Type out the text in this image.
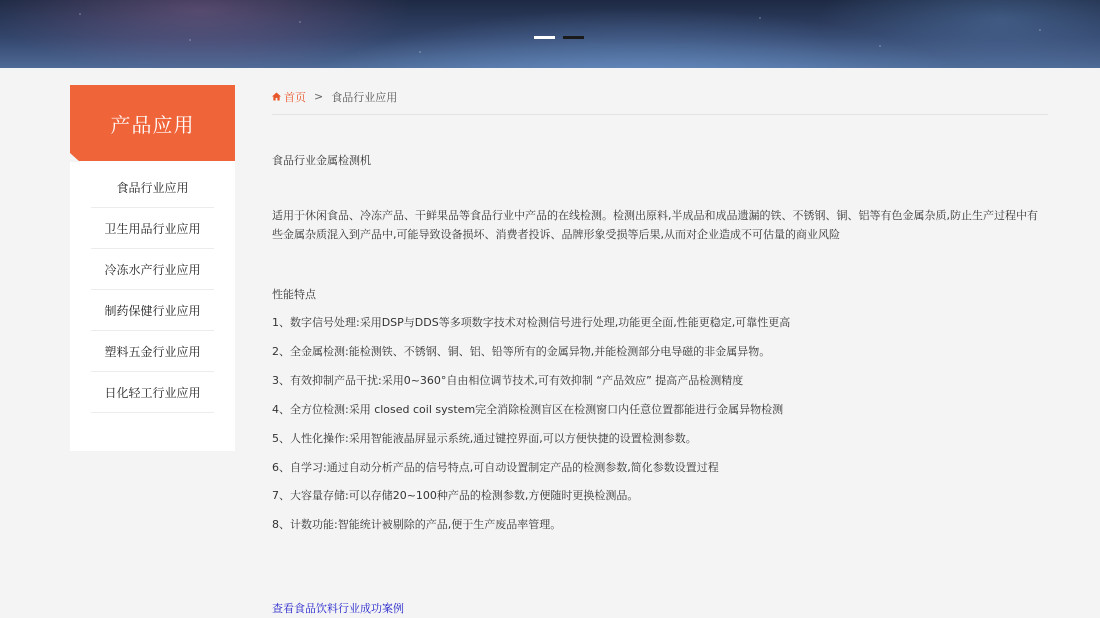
产品应用
食品行业应用
卫生用品行业应用
冷冻水产行业应用
制药保健行业应用
塑料五金行业应用
日化轻工行业应用
首页 > 食品行业应用

食品行业金属检测机

适用于休闲食品、冷冻产品、干鲜果品等食品行业中产品的在线检测。检测出原料,半成品和成品遗漏的铁、不锈钢、铜、铝等有色金属杂质,防止生产过程中有些金属杂质混入到产品中,可能导致设备损坏、消费者投诉、品牌形象受损等后果,从而对企业造成不可估量的商业风险

性能特点

1、数字信号处理:采用DSP与DDS等多项数字技术对检测信号进行处理,功能更全面,性能更稳定,可靠性更高

2、全金属检测:能检测铁、不锈钢、铜、铝、铅等所有的金属异物,并能检测部分电导磁的非金属异物。

3、有效抑制产品干扰:采用0~360°自由相位调节技术,可有效抑制 “产品效应” 提高产品检测精度

4、全方位检测:采用 closed coil system完全消除检测盲区在检测窗口内任意位置都能进行金属异物检测

5、人性化操作:采用智能液晶屏显示系统,通过键控界面,可以方便快捷的设置检测参数。

6、自学习:通过自动分析产品的信号特点,可自动设置制定产品的检测参数,简化参数设置过程

7、大容量存储:可以存储20~100种产品的检测参数,方便随时更换检测品。

8、计数功能:智能统计被剔除的产品,便于生产废品率管理。

查看食品饮料行业成功案例
